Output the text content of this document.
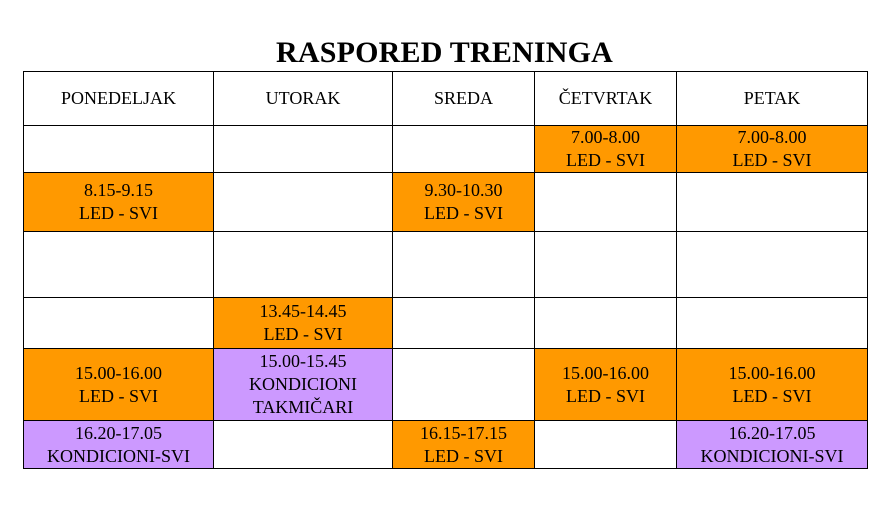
RASPORED TRENINGA
PONEDELJAK	UTORAK	SREDA	ČETVRTAK	PETAK

			7.00-8.00
LED - SVI	7.00-8.00
LED - SVI

8.15-9.15
LED - SVI		9.30-10.30
LED - SVI		

	13.45-14.45
LED - SVI			

15.00-16.00
LED - SVI	15.00-15.45
KONDICIONI
TAKMIČARI		15.00-16.00
LED - SVI	15.00-16.00
LED - SVI

16.20-17.05
KONDICIONI-SVI		16.15-17.15
LED - SVI		16.20-17.05
KONDICIONI-SVI
